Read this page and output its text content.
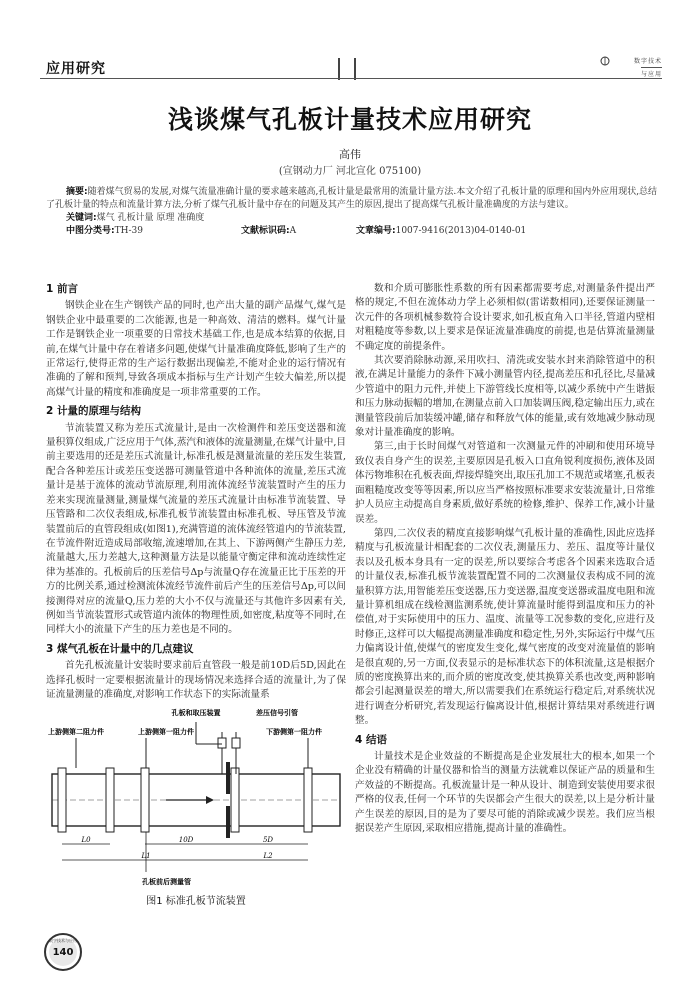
应用研究	数字技术
与应用
浅谈煤气孔板计量技术应用研究
高伟
(宣钢动力厂 河北宣化 075100)
摘要:随着煤气贸易的发展,对煤气流量准确计量的要求越来越高,孔板计量是最常用的流量计量方法.本文介绍了孔板计量的原理和国内外应用现状,总结了孔板计量的特点和流量计算方法,分析了煤气孔板计量中存在的问题及其产生的原因,提出了提高煤气孔板计量准确度的方法与建议。
关键词:煤气 孔板计量 原理 准确度
中图分类号:TH-39	文献标识码:A	文章编号:1007-9416(2013)04-0140-01
1 前言

钢铁企业在生产钢铁产品的同时,也产出大量的副产品煤气,煤气是钢铁企业中最重要的二次能源,也是一种高效、清洁的燃料。煤气计量工作是钢铁企业一项重要的日常技术基础工作,也是成本结算的依据,目前,在煤气计量中存在着诸多问题,使煤气计量准确度降低,影响了生产的正常运行,使得正常的生产运行数据出现偏差,不能对企业的运行情况有准确的了解和预判,导致各项成本指标与生产计划产生较大偏差,所以提高煤气计量的精度和准确度是一项非常重要的工作。

2 计量的原理与结构

节流装置又称为差压式流量计,是由一次检测件和差压变送器和流量积算仪组成,广泛应用于气体,蒸汽和液体的流量测量,在煤气计量中,目前主要选用的还是差压式流量计,标准孔板是测量流量的差压发生装置,配合各种差压计或差压变送器可测量管道中各种流体的流量,差压式流量计是基于流体的流动节流原理,利用流体流经节流装置时产生的压力差来实现流量测量,测量煤气流量的差压式流量计由标准节流装置、导压管路和二次仪表组成,标准孔板节流装置由标准孔板、导压管及节流装置前后的直管段组成(如图1),充满管道的流体流经管道内的节流装置,在节流件附近造成局部收缩,流速增加,在其上、下游两侧产生静压力差,流量越大,压力差越大,这种测量方法是以能量守衡定律和流动连续性定律为基准的。孔板前后的压差信号Δp与流量Q存在流量正比于压差的开方的比例关系,通过检测流体流经节流件前后产生的压差信号Δp,可以间接测得对应的流量Q,压力差的大小不仅与流量还与其他许多因素有关,例如当节流装置形式或管道内流体的物理性质,如密度,粘度等不同时,在同样大小的流量下产生的压力差也是不同的。

3 煤气孔板在计量中的几点建议

首先孔板流量计安装时要求前后直管段一般是前10D后5D,因此在选择孔板时一定要根据流量计的现场情况来选择合适的流量计,为了保证流量测量的准确度,对影响工作状态下的实际流量系

数和介质可膨胀性系数的所有因素都需要考虑,对测量条件提出严格的规定,不但在流体动力学上必须相似(雷诺数相同),还要保证测量一次元件的各项机械参数符合设计要求,如孔板直角入口半径,管道内壁相对粗糙度等参数,以上要求是保证流量准确度的前提,也是估算流量测量不确定度的前提条件。

其次要消除脉动源,采用吹扫、清洗或安装水封来消除管道中的积液,在满足计量能力的条件下减小测量管内径,提高差压和孔径比,尽量减少管道中的阻力元件,并使上下游管线长度相等,以减少系统中产生谐振和压力脉动振幅的增加,在测量点前入口加装调压阀,稳定输出压力,或在测量管段前后加装缓冲罐,储存和释放气体的能量,或有效地减少脉动现象对计量准确度的影响。

第三,由于长时间煤气对管道和一次测量元件的冲刷和使用环境导致仪表自身产生的误差,主要原因是孔板入口直角锐利度损伤,液体及固体污物堆积在孔板表面,焊接焊缝突出,取压孔加工不规范或堵塞,孔板表面粗糙度改变等等因素,所以应当严格按照标准要求安装流量计,日常维护人员应主动提高自身素质,做好系统的检修,维护、保养工作,减小计量误差。

第四,二次仪表的精度直接影响煤气孔板计量的准确性,因此应选择精度与孔板流量计相配套的二次仪表,测量压力、差压、温度等计量仪表以及孔板本身具有一定的误差,所以要综合考虑各个因素来选取合适的计量仪表,标准孔板节流装置配置不同的二次测量仪表构成不同的流量积算方法,用智能差压变送器,压力变送器,温度变送器或温度电阻和流量计算机组成在线检测监测系统,使计算流量时能得到温度和压力的补偿值,对于实际使用中的压力、温度、流量等工况参数的变化,应进行及时修正,这样可以大幅提高测量准确度和稳定性,另外,实际运行中煤气压力偏离设计值,使煤气的密度发生变化,煤气密度的改变对流量值的影响是很直观的,另一方面,仪表显示的是标准状态下的体积流量,这是根据介质的密度换算出来的,而介质的密度改变,使其换算关系也改变,两种影响都会引起测量误差的增大,所以需要我们在系统运行稳定后,对系统状况进行调查分析研究,若发现运行偏离设计值,根据计算结果对系统进行调整。

4 结语

计量技术是企业效益的不断提高是企业发展壮大的根本,如果一个企业没有精确的计量仪器和恰当的测量方法就难以保证产品的质量和生产效益的不断提高。孔板流量计是一种从设计、制造到安装使用要求很严格的仪表,任何一个环节的失误都会产生很大的误差,以上是分析计量产生误差的原因,目的是为了要尽可能的消除或减少误差。我们应当根据误差产生原因,采取相应措施,提高计量的准确性。

孔板和取压装置	差压信号引管
上游侧第二阻力件	上游侧第一阻力件	下游侧第一阻力件
L0	10D	5D
L1	L2
孔板前后测量管
图1 标准孔板节流装置
数字技术与应用
140
